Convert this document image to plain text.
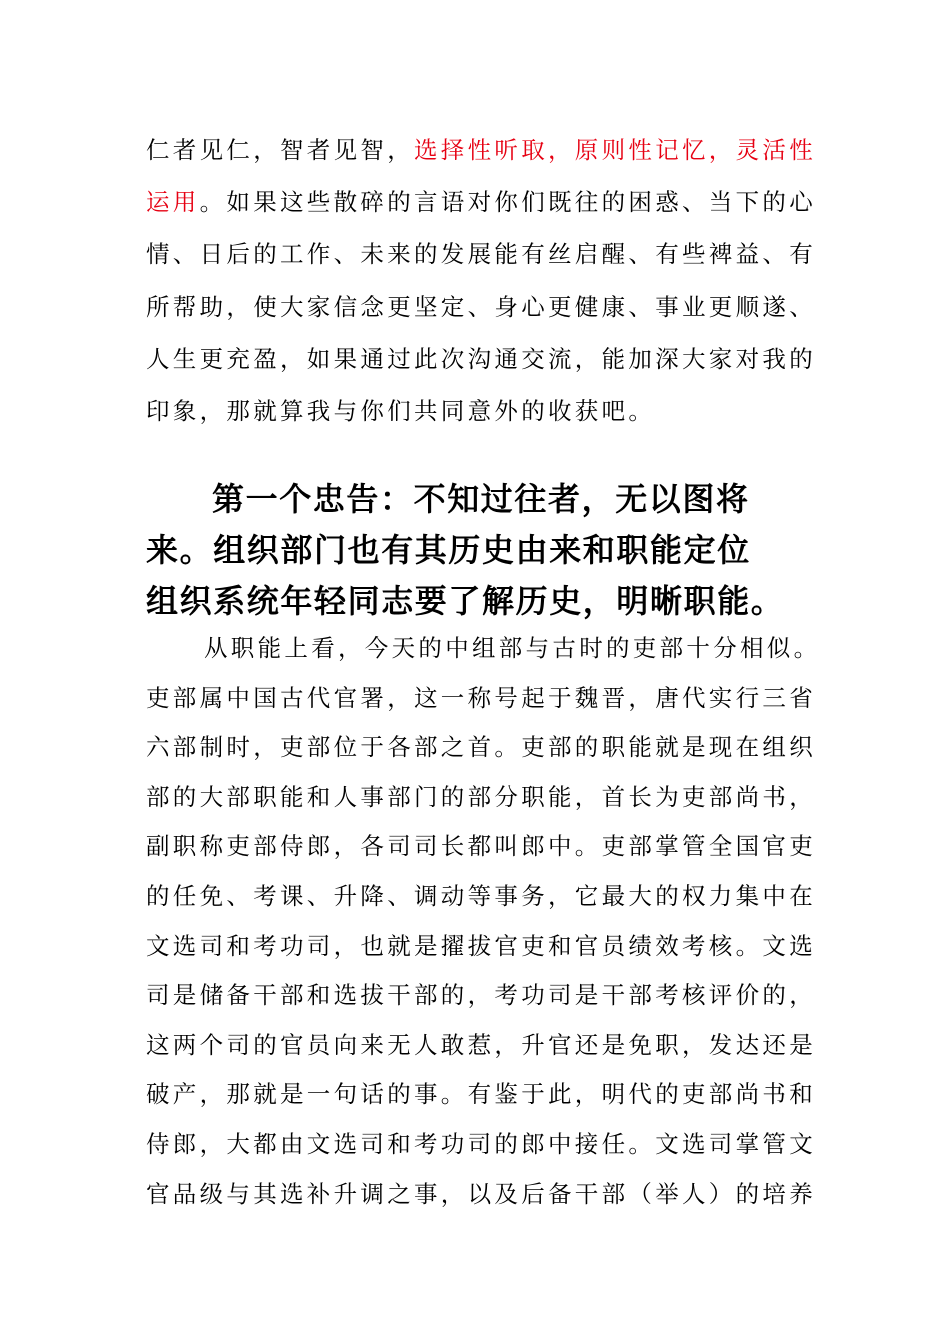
仁者见仁，智者见智，选择性听取，原则性记忆，灵活性
运用。如果这些散碎的言语对你们既往的困惑、当下的心
情、日后的工作、未来的发展能有丝启醒、有些裨益、有
所帮助，使大家信念更坚定、身心更健康、事业更顺遂、
人生更充盈，如果通过此次沟通交流，能加深大家对我的
印象，那就算我与你们共同意外的收获吧。
第一个忠告：不知过往者，无以图将
来。组织部门也有其历史由来和职能定位
组织系统年轻同志要了解历史，明晰职能。
从职能上看，今天的中组部与古时的吏部十分相似。
吏部属中国古代官署，这一称号起于魏晋，唐代实行三省
六部制时，吏部位于各部之首。吏部的职能就是现在组织
部的大部职能和人事部门的部分职能，首长为吏部尚书，
副职称吏部侍郎，各司司长都叫郎中。吏部掌管全国官吏
的任免、考课、升降、调动等事务，它最大的权力集中在
文选司和考功司，也就是擢拔官吏和官员绩效考核。文选
司是储备干部和选拔干部的，考功司是干部考核评价的，
这两个司的官员向来无人敢惹，升官还是免职，发达还是
破产，那就是一句话的事。有鉴于此，明代的吏部尚书和
侍郎，大都由文选司和考功司的郎中接任。文选司掌管文
官品级与其选补升调之事，以及后备干部（举人）的培养
